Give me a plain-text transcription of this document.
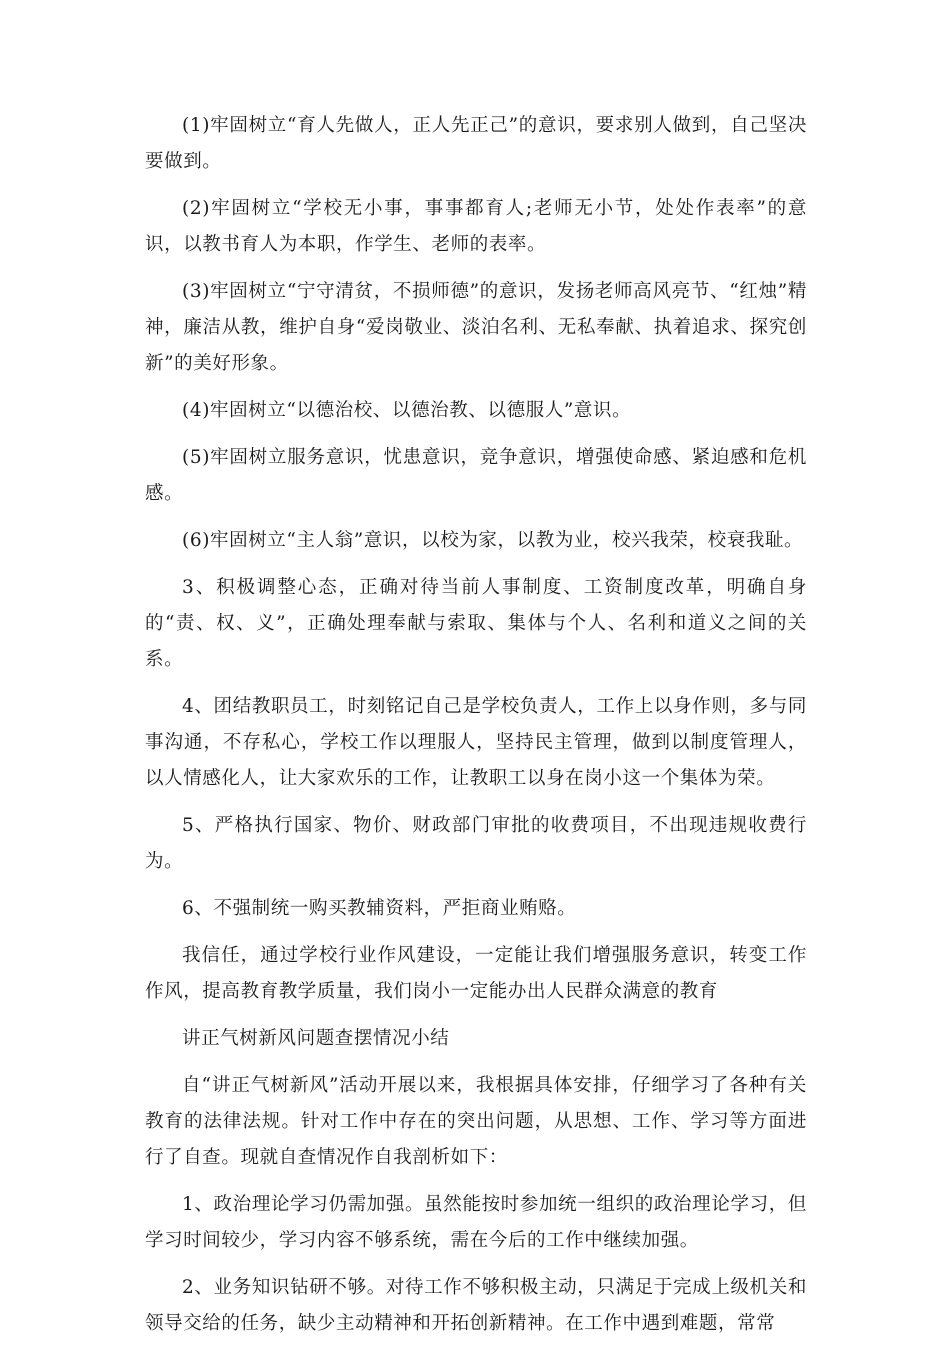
(1)牢固树立“育人先做人，正人先正己”的意识，要求别人做到，自己坚决要做到。

(2)牢固树立“学校无小事，事事都育人;老师无小节，处处作表率”的意识，以教书育人为本职，作学生、老师的表率。

(3)牢固树立“宁守清贫，不损师德”的意识，发扬老师高风亮节、“红烛”精神，廉洁从教，维护自身“爱岗敬业、淡泊名利、无私奉献、执着追求、探究创新”的美好形象。

(4)牢固树立“以德治校、以德治教、以德服人”意识。

(5)牢固树立服务意识，忧患意识，竞争意识，增强使命感、紧迫感和危机感。

(6)牢固树立“主人翁”意识，以校为家，以教为业，校兴我荣，校衰我耻。

3、积极调整心态，正确对待当前人事制度、工资制度改革，明确自身的“责、权、义”，正确处理奉献与索取、集体与个人、名利和道义之间的关系。

4、团结教职员工，时刻铭记自己是学校负责人，工作上以身作则，多与同事沟通，不存私心，学校工作以理服人，坚持民主管理，做到以制度管理人，以人情感化人，让大家欢乐的工作，让教职工以身在岗小这一个集体为荣。

5、严格执行国家、物价、财政部门审批的收费项目，不出现违规收费行为。

6、不强制统一购买教辅资料，严拒商业贿赂。

我信任，通过学校行业作风建设，一定能让我们增强服务意识，转变工作作风，提高教育教学质量，我们岗小一定能办出人民群众满意的教育

讲正气树新风问题查摆情况小结

自“讲正气树新风”活动开展以来，我根据具体安排，仔细学习了各种有关教育的法律法规。针对工作中存在的突出问题，从思想、工作、学习等方面进行了自查。现就自查情况作自我剖析如下：

1、政治理论学习仍需加强。虽然能按时参加统一组织的政治理论学习，但学习时间较少，学习内容不够系统，需在今后的工作中继续加强。

2、业务知识钻研不够。对待工作不够积极主动，只满足于完成上级机关和领导交给的任务，缺少主动精神和开拓创新精神。在工作中遇到难题，常常
